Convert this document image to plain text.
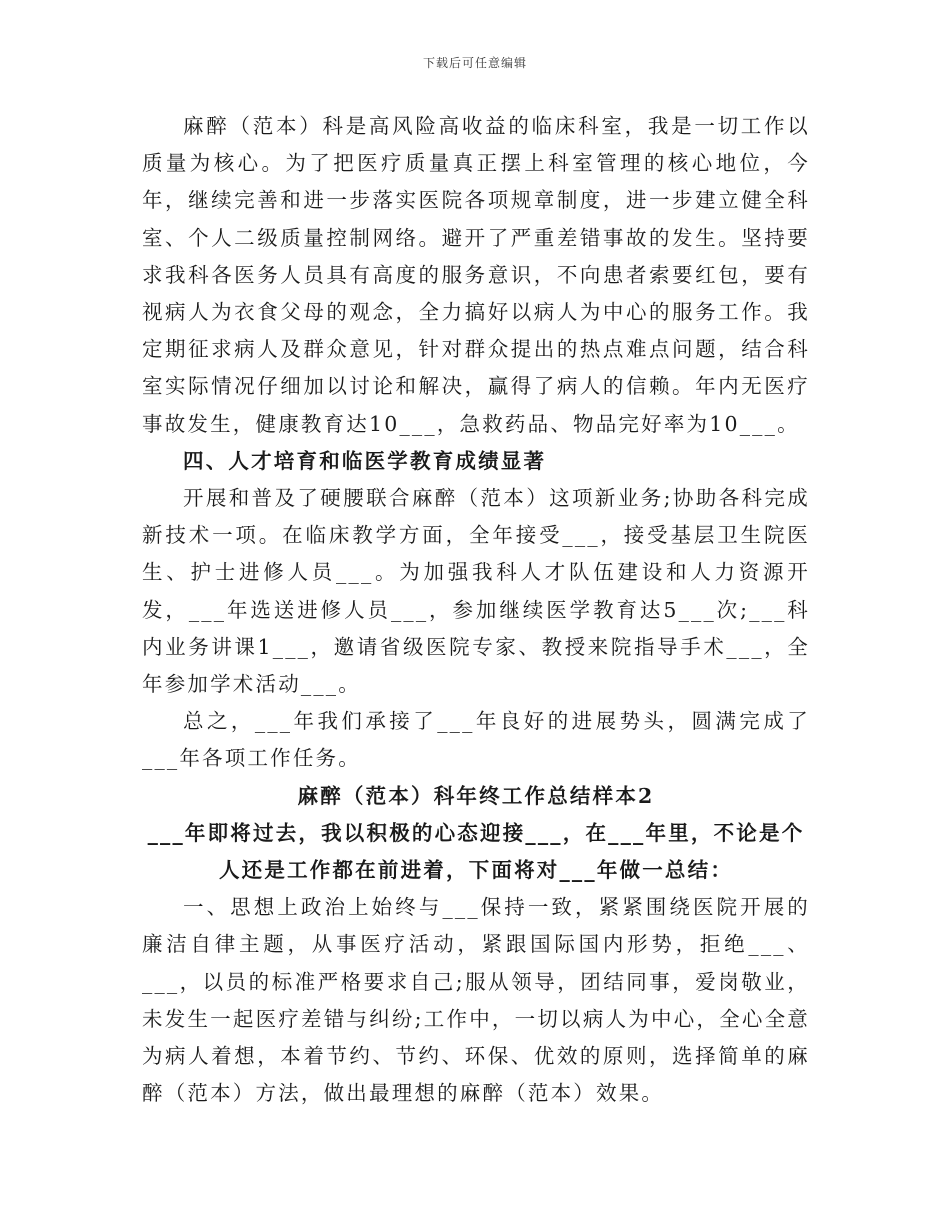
下载后可任意编辑

麻醉（范本）科是高风险高收益的临床科室，我是一切工作以质量为核心。为了把医疗质量真正摆上科室管理的核心地位，今年，继续完善和进一步落实医院各项规章制度，进一步建立健全科室、个人二级质量控制网络。避开了严重差错事故的发生。坚持要求我科各医务人员具有高度的服务意识，不向患者索要红包，要有视病人为衣食父母的观念，全力搞好以病人为中心的服务工作。我定期征求病人及群众意见，针对群众提出的热点难点问题，结合科室实际情况仔细加以讨论和解决，赢得了病人的信赖。年内无医疗事故发生，健康教育达10___，急救药品、物品完好率为10___。

四、人才培育和临医学教育成绩显著

开展和普及了硬腰联合麻醉（范本）这项新业务;协助各科完成新技术一项。在临床教学方面，全年接受___，接受基层卫生院医生、护士进修人员___。为加强我科人才队伍建设和人力资源开发，___年选送进修人员___，参加继续医学教育达5___次;___科内业务讲课1___，邀请省级医院专家、教授来院指导手术___，全年参加学术活动___。

总之，___年我们承接了___年良好的进展势头，圆满完成了___年各项工作任务。

麻醉（范本）科年终工作总结样本2

___年即将过去，我以积极的心态迎接___，在___年里，不论是个

人还是工作都在前进着，下面将对___年做一总结：

一、思想上政治上始终与___保持一致，紧紧围绕医院开展的廉洁自律主题，从事医疗活动，紧跟国际国内形势，拒绝___、___，以员的标准严格要求自己;服从领导，团结同事，爱岗敬业，未发生一起医疗差错与纠纷;工作中，一切以病人为中心，全心全意为病人着想，本着节约、节约、环保、优效的原则，选择简单的麻醉（范本）方法，做出最理想的麻醉（范本）效果。
